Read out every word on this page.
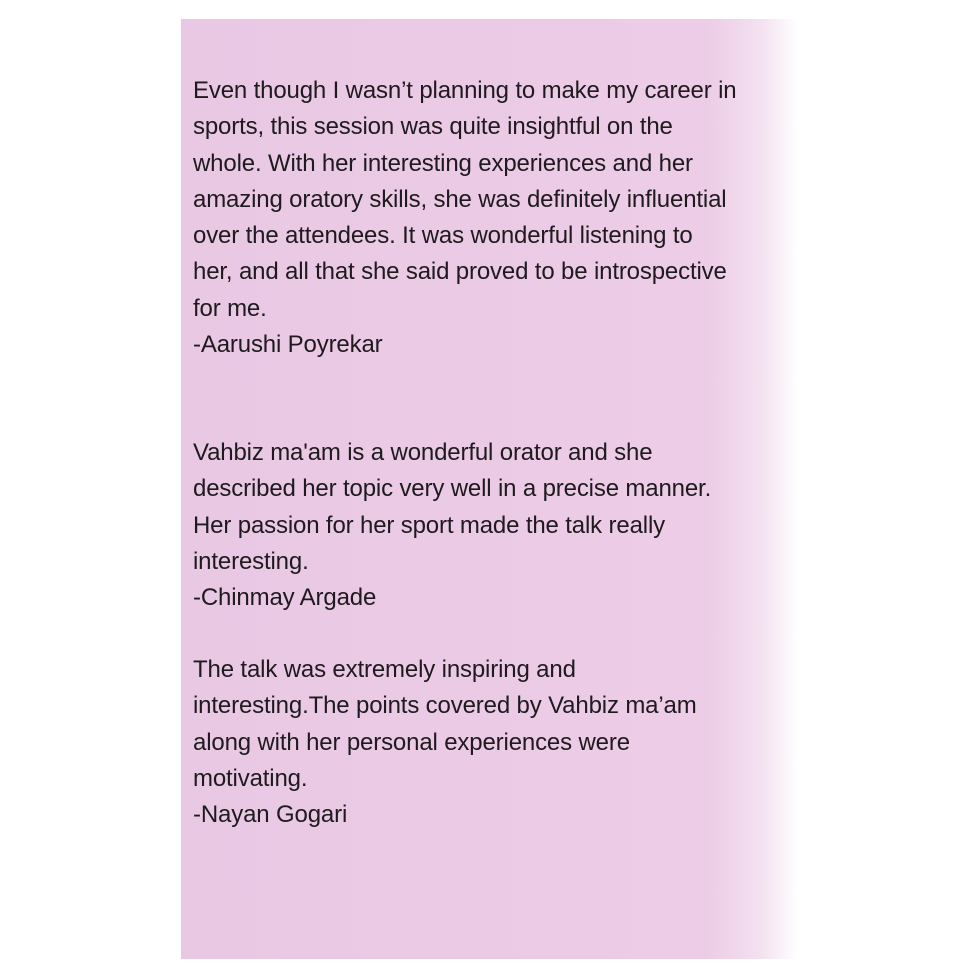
Even though I wasn’t planning to make my career in

sports, this session was quite insightful on the

whole. With her interesting experiences and her

amazing oratory skills, she was definitely influential

over the attendees. It was wonderful listening to

her, and all that she said proved to be introspective

for me.

-Aarushi Poyrekar

Vahbiz ma'am is a wonderful orator and she

described her topic very well in a precise manner.

Her passion for her sport made the talk really

interesting.

-Chinmay Argade

The talk was extremely inspiring and

interesting.The points covered by Vahbiz ma’am

along with her personal experiences were

motivating.

-Nayan Gogari
